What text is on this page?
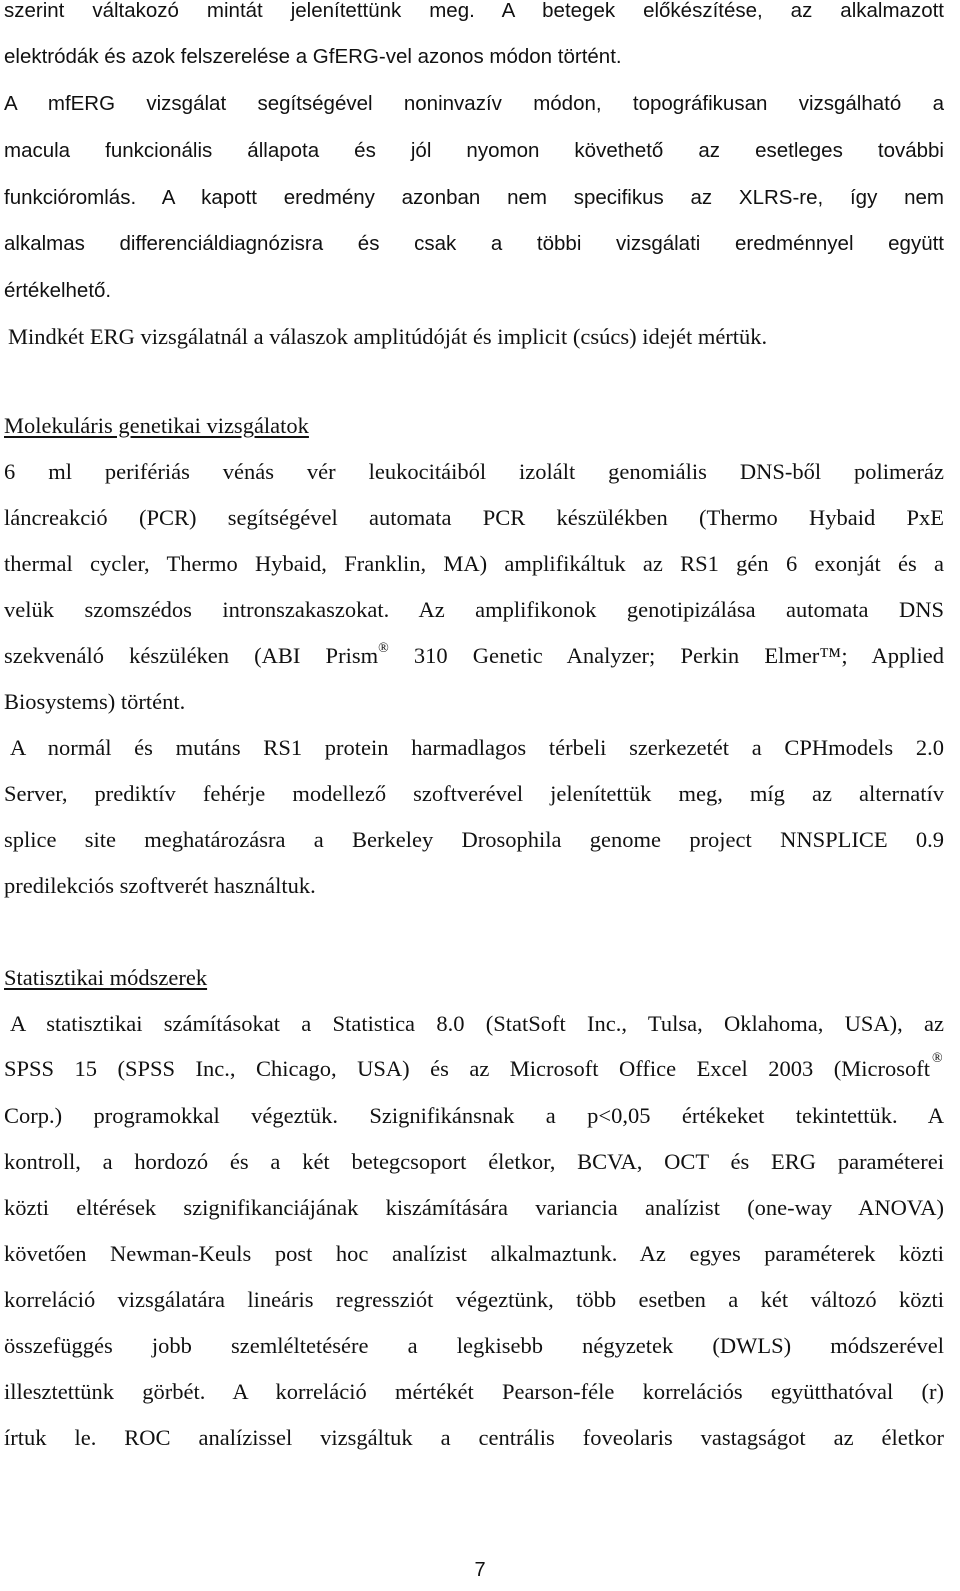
szerint váltakozó mintát jelenítettünk meg. A betegek előkészítése, az alkalmazott
elektródák és azok felszerelése a GfERG-vel azonos módon történt.
A mfERG vizsgálat segítségével noninvazív módon, topográfikusan vizsgálható a
macula funkcionális állapota és jól nyomon követhető az esetleges további
funkcióromlás. A kapott eredmény azonban nem specifikus az XLRS-re, így nem
alkalmas differenciáldiagnózisra és csak a többi vizsgálati eredménnyel együtt
értékelhető.
Mindkét ERG vizsgálatnál a válaszok amplitúdóját és implicit (csúcs) idejét mértük.
Molekuláris genetikai vizsgálatok
6 ml perifériás vénás vér leukocitáiból izolált genomiális DNS-ből polimeráz
láncreakció (PCR) segítségével automata PCR készülékben (Thermo Hybaid PxE
thermal cycler, Thermo Hybaid, Franklin, MA) amplifikáltuk az RS1 gén 6 exonját és a
velük szomszédos intronszakaszokat. Az amplifikonok genotipizálása automata DNS
szekvenáló készüléken (ABI Prism® 310 Genetic Analyzer; Perkin Elmer™; Applied
Biosystems) történt.
A normál és mutáns RS1 protein harmadlagos térbeli szerkezetét a CPHmodels 2.0
Server, prediktív fehérje modellező szoftverével jelenítettük meg, míg az alternatív
splice site meghatározásra a Berkeley Drosophila genome project NNSPLICE 0.9
predilekciós szoftverét használtuk.
Statisztikai módszerek
A statisztikai számításokat a Statistica 8.0 (StatSoft Inc., Tulsa, Oklahoma, USA), az
SPSS 15 (SPSS Inc., Chicago, USA) és az Microsoft Office Excel 2003 (Microsoft ®
Corp.) programokkal végeztük. Szignifikánsnak a p<0,05 értékeket tekintettük. A
kontroll, a hordozó és a két betegcsoport életkor, BCVA, OCT és ERG paraméterei
közti eltérések szignifikanciájának kiszámítására variancia analízist (one-way ANOVA)
követően Newman-Keuls post hoc analízist alkalmaztunk. Az egyes paraméterek közti
korreláció vizsgálatára lineáris regressziót végeztünk, több esetben a két változó közti
összefüggés jobb szemléltetésére a legkisebb négyzetek (DWLS) módszerével
illesztettünk görbét. A korreláció mértékét Pearson-féle korrelációs együtthatóval (r)
írtuk le. ROC analízissel vizsgáltuk a centrális foveolaris vastagságot az életkor
7
